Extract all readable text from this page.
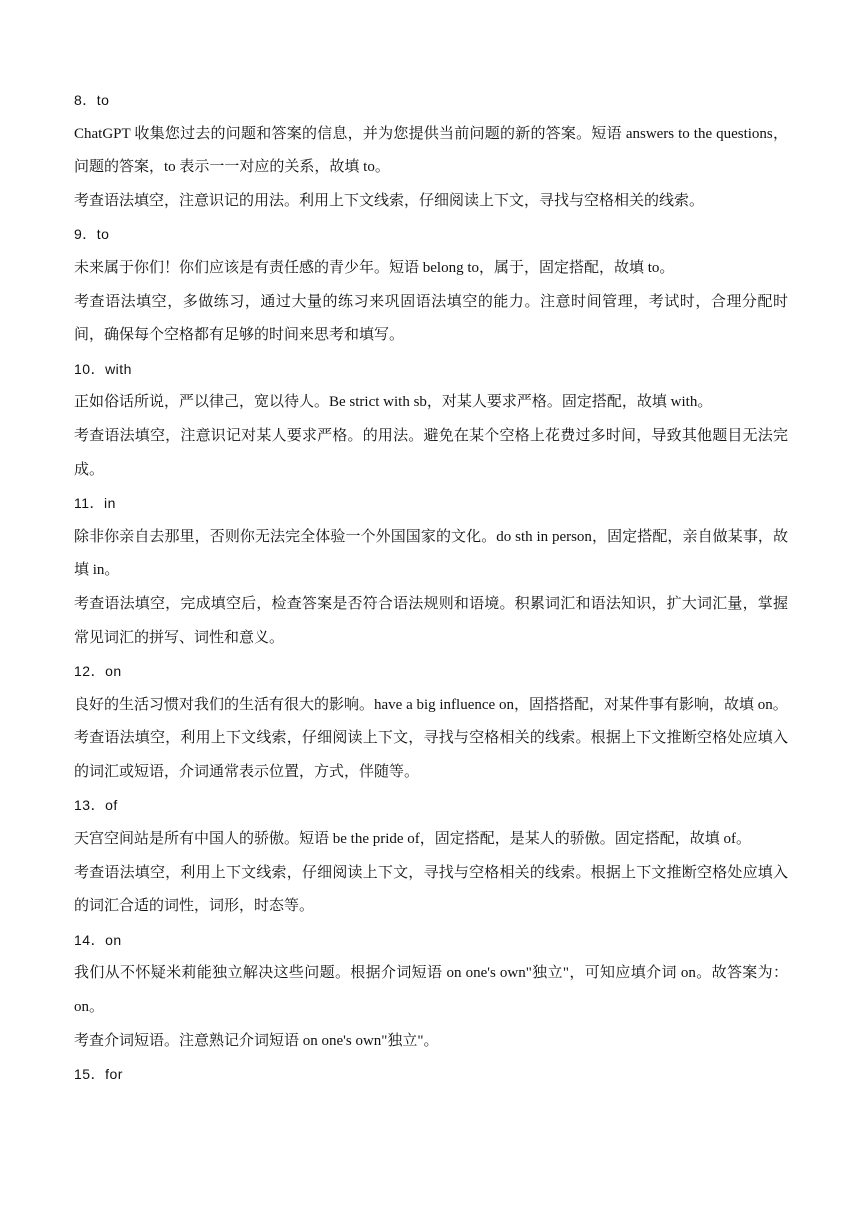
8．to

ChatGPT 收集您过去的问题和答案的信息，并为您提供当前问题的新的答案。短语 answers to the questions，问题的答案，to 表示一一对应的关系，故填 to。

考查语法填空，注意识记的用法。利用上下文线索，仔细阅读上下文，寻找与空格相关的线索。

9．to

未来属于你们！你们应该是有责任感的青少年。短语 belong to，属于，固定搭配，故填 to。

考查语法填空，多做练习，通过大量的练习来巩固语法填空的能力。注意时间管理，考试时，合理分配时间，确保每个空格都有足够的时间来思考和填写。

10．with

正如俗话所说，严以律己，宽以待人。Be strict with sb，对某人要求严格。固定搭配，故填 with。

考查语法填空，注意识记对某人要求严格。的用法。避免在某个空格上花费过多时间，导致其他题目无法完成。

11．in

除非你亲自去那里，否则你无法完全体验一个外国国家的文化。do sth in person，固定搭配，亲自做某事，故填 in。

考查语法填空，完成填空后，检查答案是否符合语法规则和语境。积累词汇和语法知识，扩大词汇量，掌握常见词汇的拼写、词性和意义。

12．on

良好的生活习惯对我们的生活有很大的影响。have a big influence on，固搭搭配，对某件事有影响，故填 on。

考查语法填空，利用上下文线索，仔细阅读上下文，寻找与空格相关的线索。根据上下文推断空格处应填入的词汇或短语，介词通常表示位置，方式，伴随等。

13．of

天宫空间站是所有中国人的骄傲。短语 be the pride of，固定搭配，是某人的骄傲。固定搭配，故填 of。

考查语法填空，利用上下文线索，仔细阅读上下文，寻找与空格相关的线索。根据上下文推断空格处应填入的词汇合适的词性，词形，时态等。

14．on

我们从不怀疑米莉能独立解决这些问题。根据介词短语 on one's own"独立"，可知应填介词 on。故答案为：on。

考查介词短语。注意熟记介词短语 on one's own"独立"。

15．for
